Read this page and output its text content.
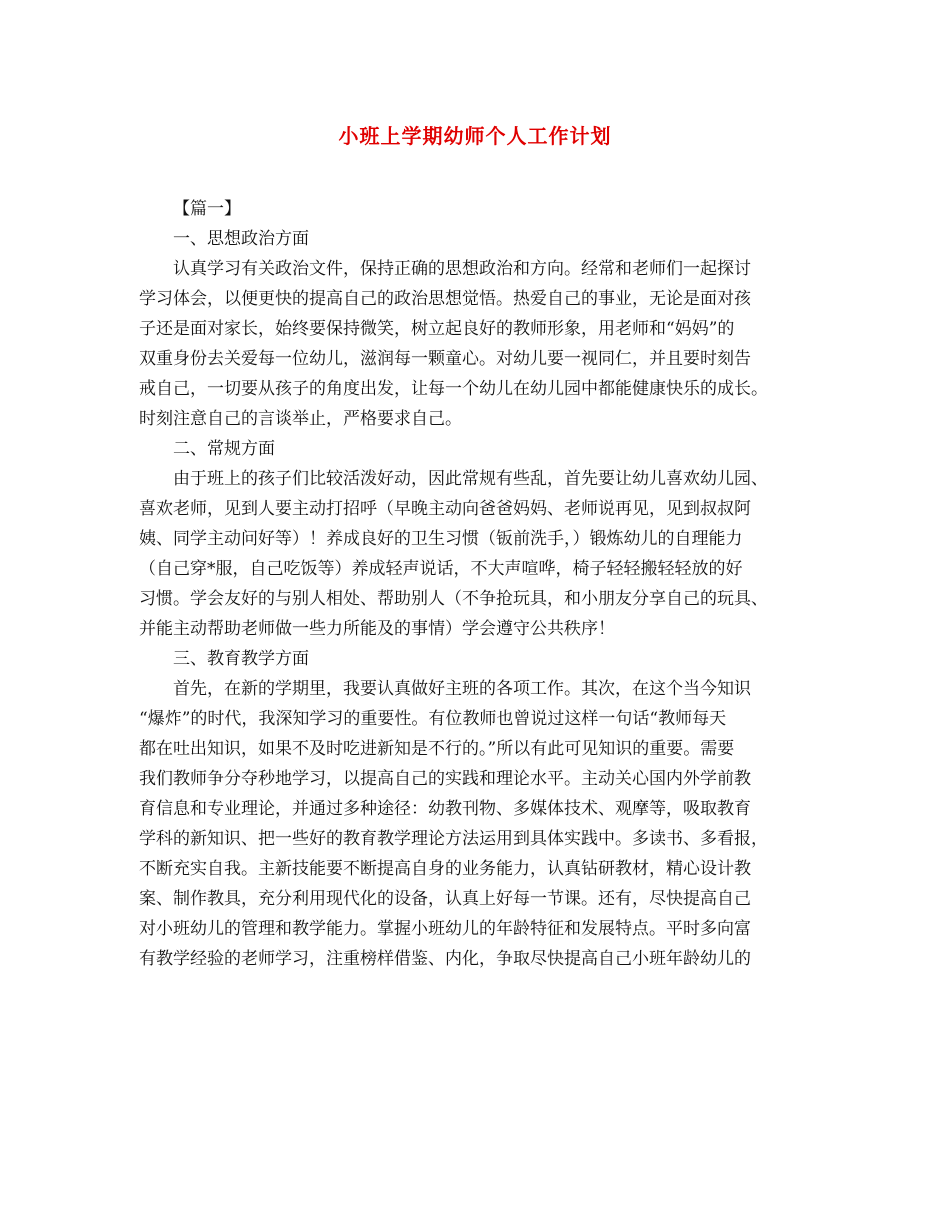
小班上学期幼师个人工作计划
【篇一】
一、思想政治方面
认真学习有关政治文件，保持正确的思想政治和方向。经常和老师们一起探讨
学习体会，以便更快的提高自己的政治思想觉悟。热爱自己的事业，无论是面对孩
子还是面对家长，始终要保持微笑，树立起良好的教师形象，用老师和“妈妈”的
双重身份去关爱每一位幼儿，滋润每一颗童心。对幼儿要一视同仁，并且要时刻告
戒自己，一切要从孩子的角度出发，让每一个幼儿在幼儿园中都能健康快乐的成长。
时刻注意自己的言谈举止，严格要求自己。
二、常规方面
由于班上的孩子们比较活泼好动，因此常规有些乱，首先要让幼儿喜欢幼儿园、
喜欢老师，见到人要主动打招呼（早晚主动向爸爸妈妈、老师说再见，见到叔叔阿
姨、同学主动问好等）！养成良好的卫生习惯（钣前洗手，）锻炼幼儿的自理能力
（自己穿*服，自己吃饭等）养成轻声说话，不大声喧哗，椅子轻轻搬轻轻放的好
习惯。学会友好的与别人相处、帮助别人（不争抢玩具，和小朋友分享自己的玩具、
并能主动帮助老师做一些力所能及的事情）学会遵守公共秩序！
三、教育教学方面
首先，在新的学期里，我要认真做好主班的各项工作。其次，在这个当今知识
“爆炸”的时代，我深知学习的重要性。有位教师也曾说过这样一句话“教师每天
都在吐出知识，如果不及时吃进新知是不行的。”所以有此可见知识的重要。需要
我们教师争分夺秒地学习，以提高自己的实践和理论水平。主动关心国内外学前教
育信息和专业理论，并通过多种途径：幼教刊物、多媒体技术、观摩等，吸取教育
学科的新知识、把一些好的教育教学理论方法运用到具体实践中。多读书、多看报，
不断充实自我。主新技能要不断提高自身的业务能力，认真钻研教材，精心设计教
案、制作教具，充分利用现代化的设备，认真上好每一节课。还有，尽快提高自己
对小班幼儿的管理和教学能力。掌握小班幼儿的年龄特征和发展特点。平时多向富
有教学经验的老师学习，注重榜样借鉴、内化，争取尽快提高自己小班年龄幼儿的
